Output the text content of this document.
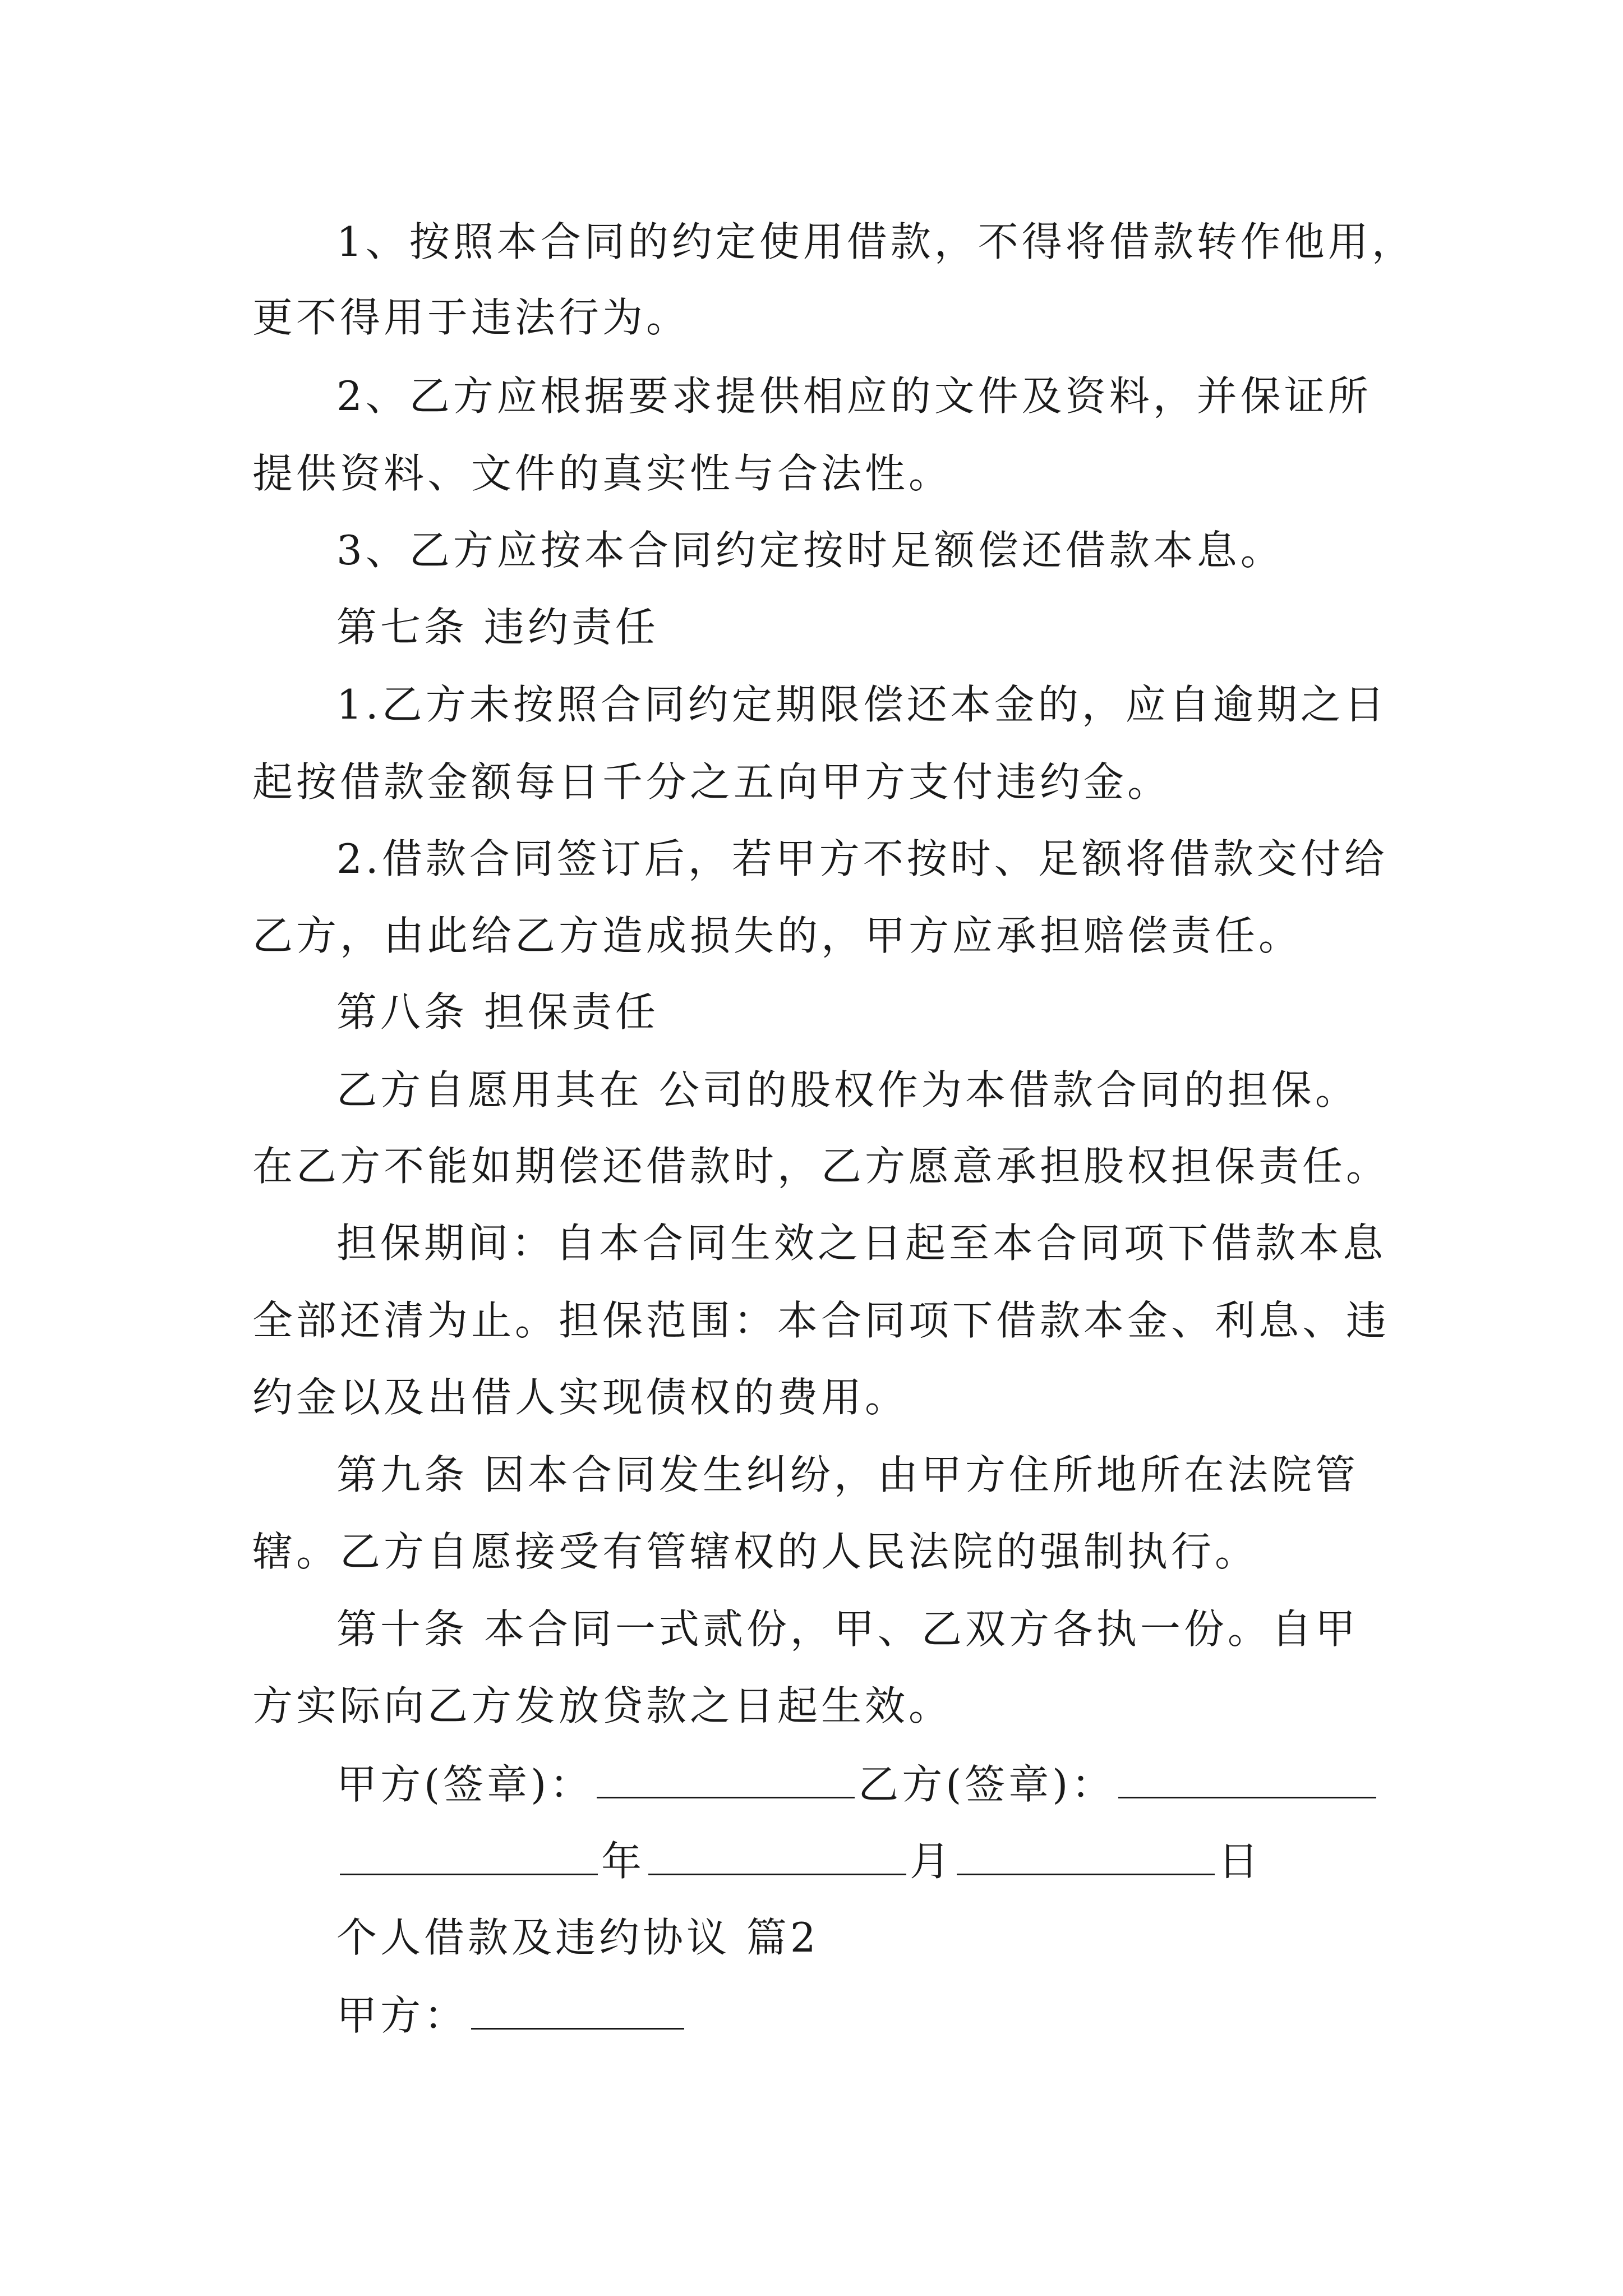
1、按照本合同的约定使用借款，不得将借款转作他用，
更不得用于违法行为。
2、乙方应根据要求提供相应的文件及资料，并保证所
提供资料、文件的真实性与合法性。
3、乙方应按本合同约定按时足额偿还借款本息。
第七条 违约责任
1.乙方未按照合同约定期限偿还本金的，应自逾期之日
起按借款金额每日千分之五向甲方支付违约金。
2.借款合同签订后，若甲方不按时、足额将借款交付给
乙方，由此给乙方造成损失的，甲方应承担赔偿责任。
第八条 担保责任
乙方自愿用其在 公司的股权作为本借款合同的担保。
在乙方不能如期偿还借款时，乙方愿意承担股权担保责任。
担保期间：自本合同生效之日起至本合同项下借款本息
全部还清为止。担保范围：本合同项下借款本金、利息、违
约金以及出借人实现债权的费用。
第九条 因本合同发生纠纷，由甲方住所地所在法院管
辖。乙方自愿接受有管辖权的人民法院的强制执行。
第十条 本合同一式贰份，甲、乙双方各执一份。自甲
方实际向乙方发放贷款之日起生效。
甲方(签章)：	乙方(签章)：
年	月	日
个人借款及违约协议 篇2
甲方：
